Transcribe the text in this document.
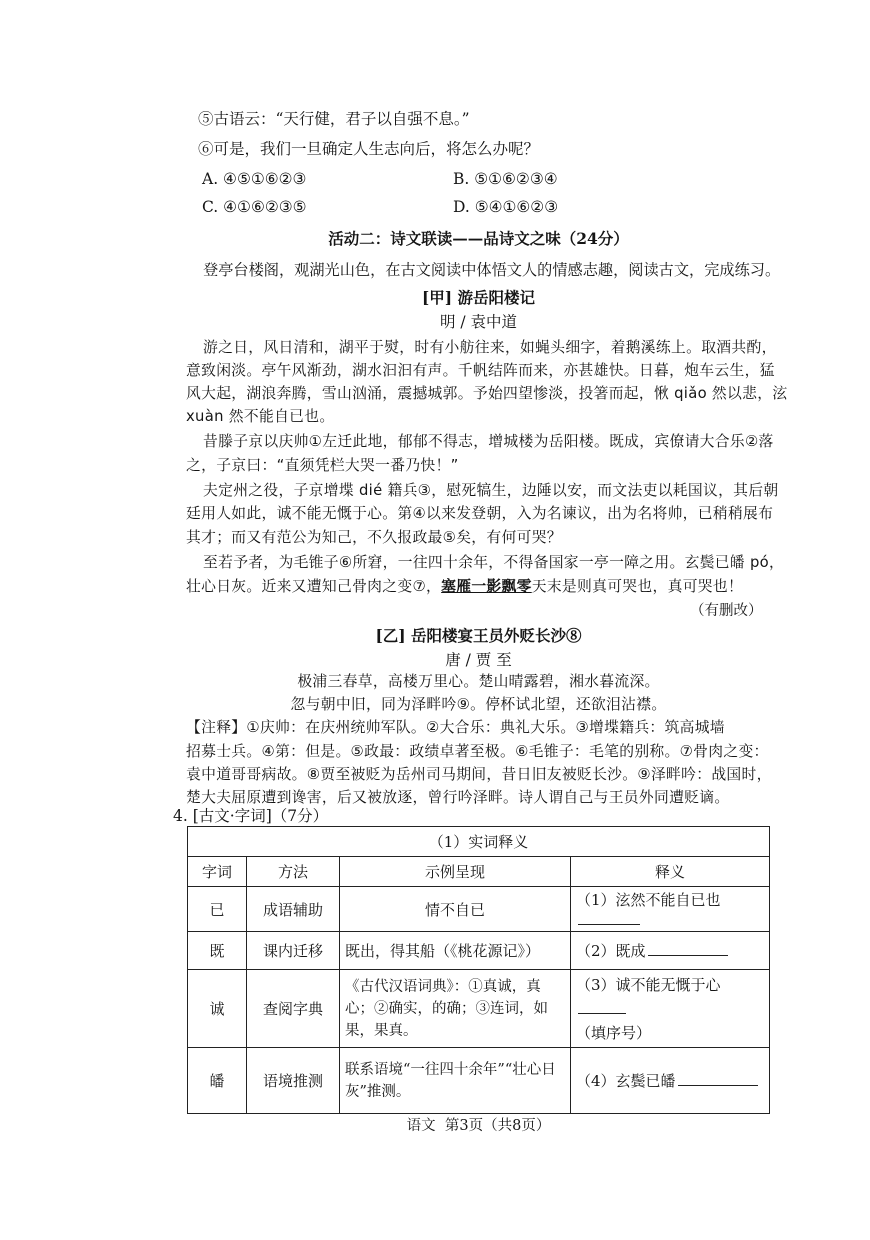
⑤古语云：“天行健，君子以自强不息。”
⑥可是，我们一旦确定人生志向后，将怎么办呢？
A. ④⑤①⑥②③	B. ⑤①⑥②③④
C. ④①⑥②③⑤	D. ⑤④①⑥②③
活动二：诗文联读——品诗文之味（24分）
登亭台楼阁，观湖光山色，在古文阅读中体悟文人的情感志趣，阅读古文，完成练习。
[甲] 游岳阳楼记
明 / 袁中道
游之日，风日清和，湖平于熨，时有小舫往来，如蝇头细字，着鹅溪练上。取酒共酌，
意致闲淡。亭午风渐劲，湖水汩汩有声。千帆结阵而来，亦甚雄快。日暮，炮车云生，猛
风大起，湖浪奔腾，雪山汹涌，震撼城郭。予始四望惨淡，投箸而起，愀 qiǎo 然以悲，泫
xuàn 然不能自已也。
昔滕子京以庆帅①左迁此地，郁郁不得志，增城楼为岳阳楼。既成，宾僚请大合乐②落
之，子京曰：“直须凭栏大哭一番乃快！”
夫定州之役，子京增堞 dié 籍兵③，慰死犒生，边陲以安，而文法吏以耗国议，其后朝
廷用人如此，诚不能无慨于心。第④以来发登朝，入为名谏议，出为名将帅，已稍稍展布
其才；而又有范公为知己，不久报政最⑤矣，有何可哭？
至若予者，为毛锥子⑥所窘，一往四十余年，不得备国家一亭一障之用。玄鬓已皤 pó，
壮心日灰。近来又遭知己骨肉之变⑦，塞雁一影飘零天末是则真可哭也，真可哭也！
（有删改）
[乙] 岳阳楼宴王员外贬长沙⑧
唐 / 贾 至
极浦三春草，高楼万里心。楚山晴露碧，湘水暮流深。
忽与朝中旧，同为泽畔吟⑨。停杯试北望，还欲泪沾襟。
【注释】①庆帅：在庆州统帅军队。②大合乐：典礼大乐。③增堞籍兵：筑高城墙
招募士兵。④第：但是。⑤政最：政绩卓著至极。⑥毛锥子：毛笔的别称。⑦骨肉之变：
袁中道哥哥病故。⑧贾至被贬为岳州司马期间，昔日旧友被贬长沙。⑨泽畔吟：战国时，
楚大夫屈原遭到谗害，后又被放逐，曾行吟泽畔。诗人谓自己与王员外同遭贬谪。
4. [古文·字词]（7分）
（1）实词释义			
字词	方法	示例呈现	释义
已	成语辅助	情不自已	（1）泫然不能自已也
既	课内迁移	既出，得其船（《桃花源记》）	（2）既成
诚	查阅字典	《古代汉语词典》：①真诚，真心；②确实，的确；③连词，如果，果真。	（3）诚不能无慨于心
（填序号）
皤	语境推测	联系语境“一往四十余年”“壮心日灰”推测。	（4）玄鬓已皤
语文  第3页（共8页）
